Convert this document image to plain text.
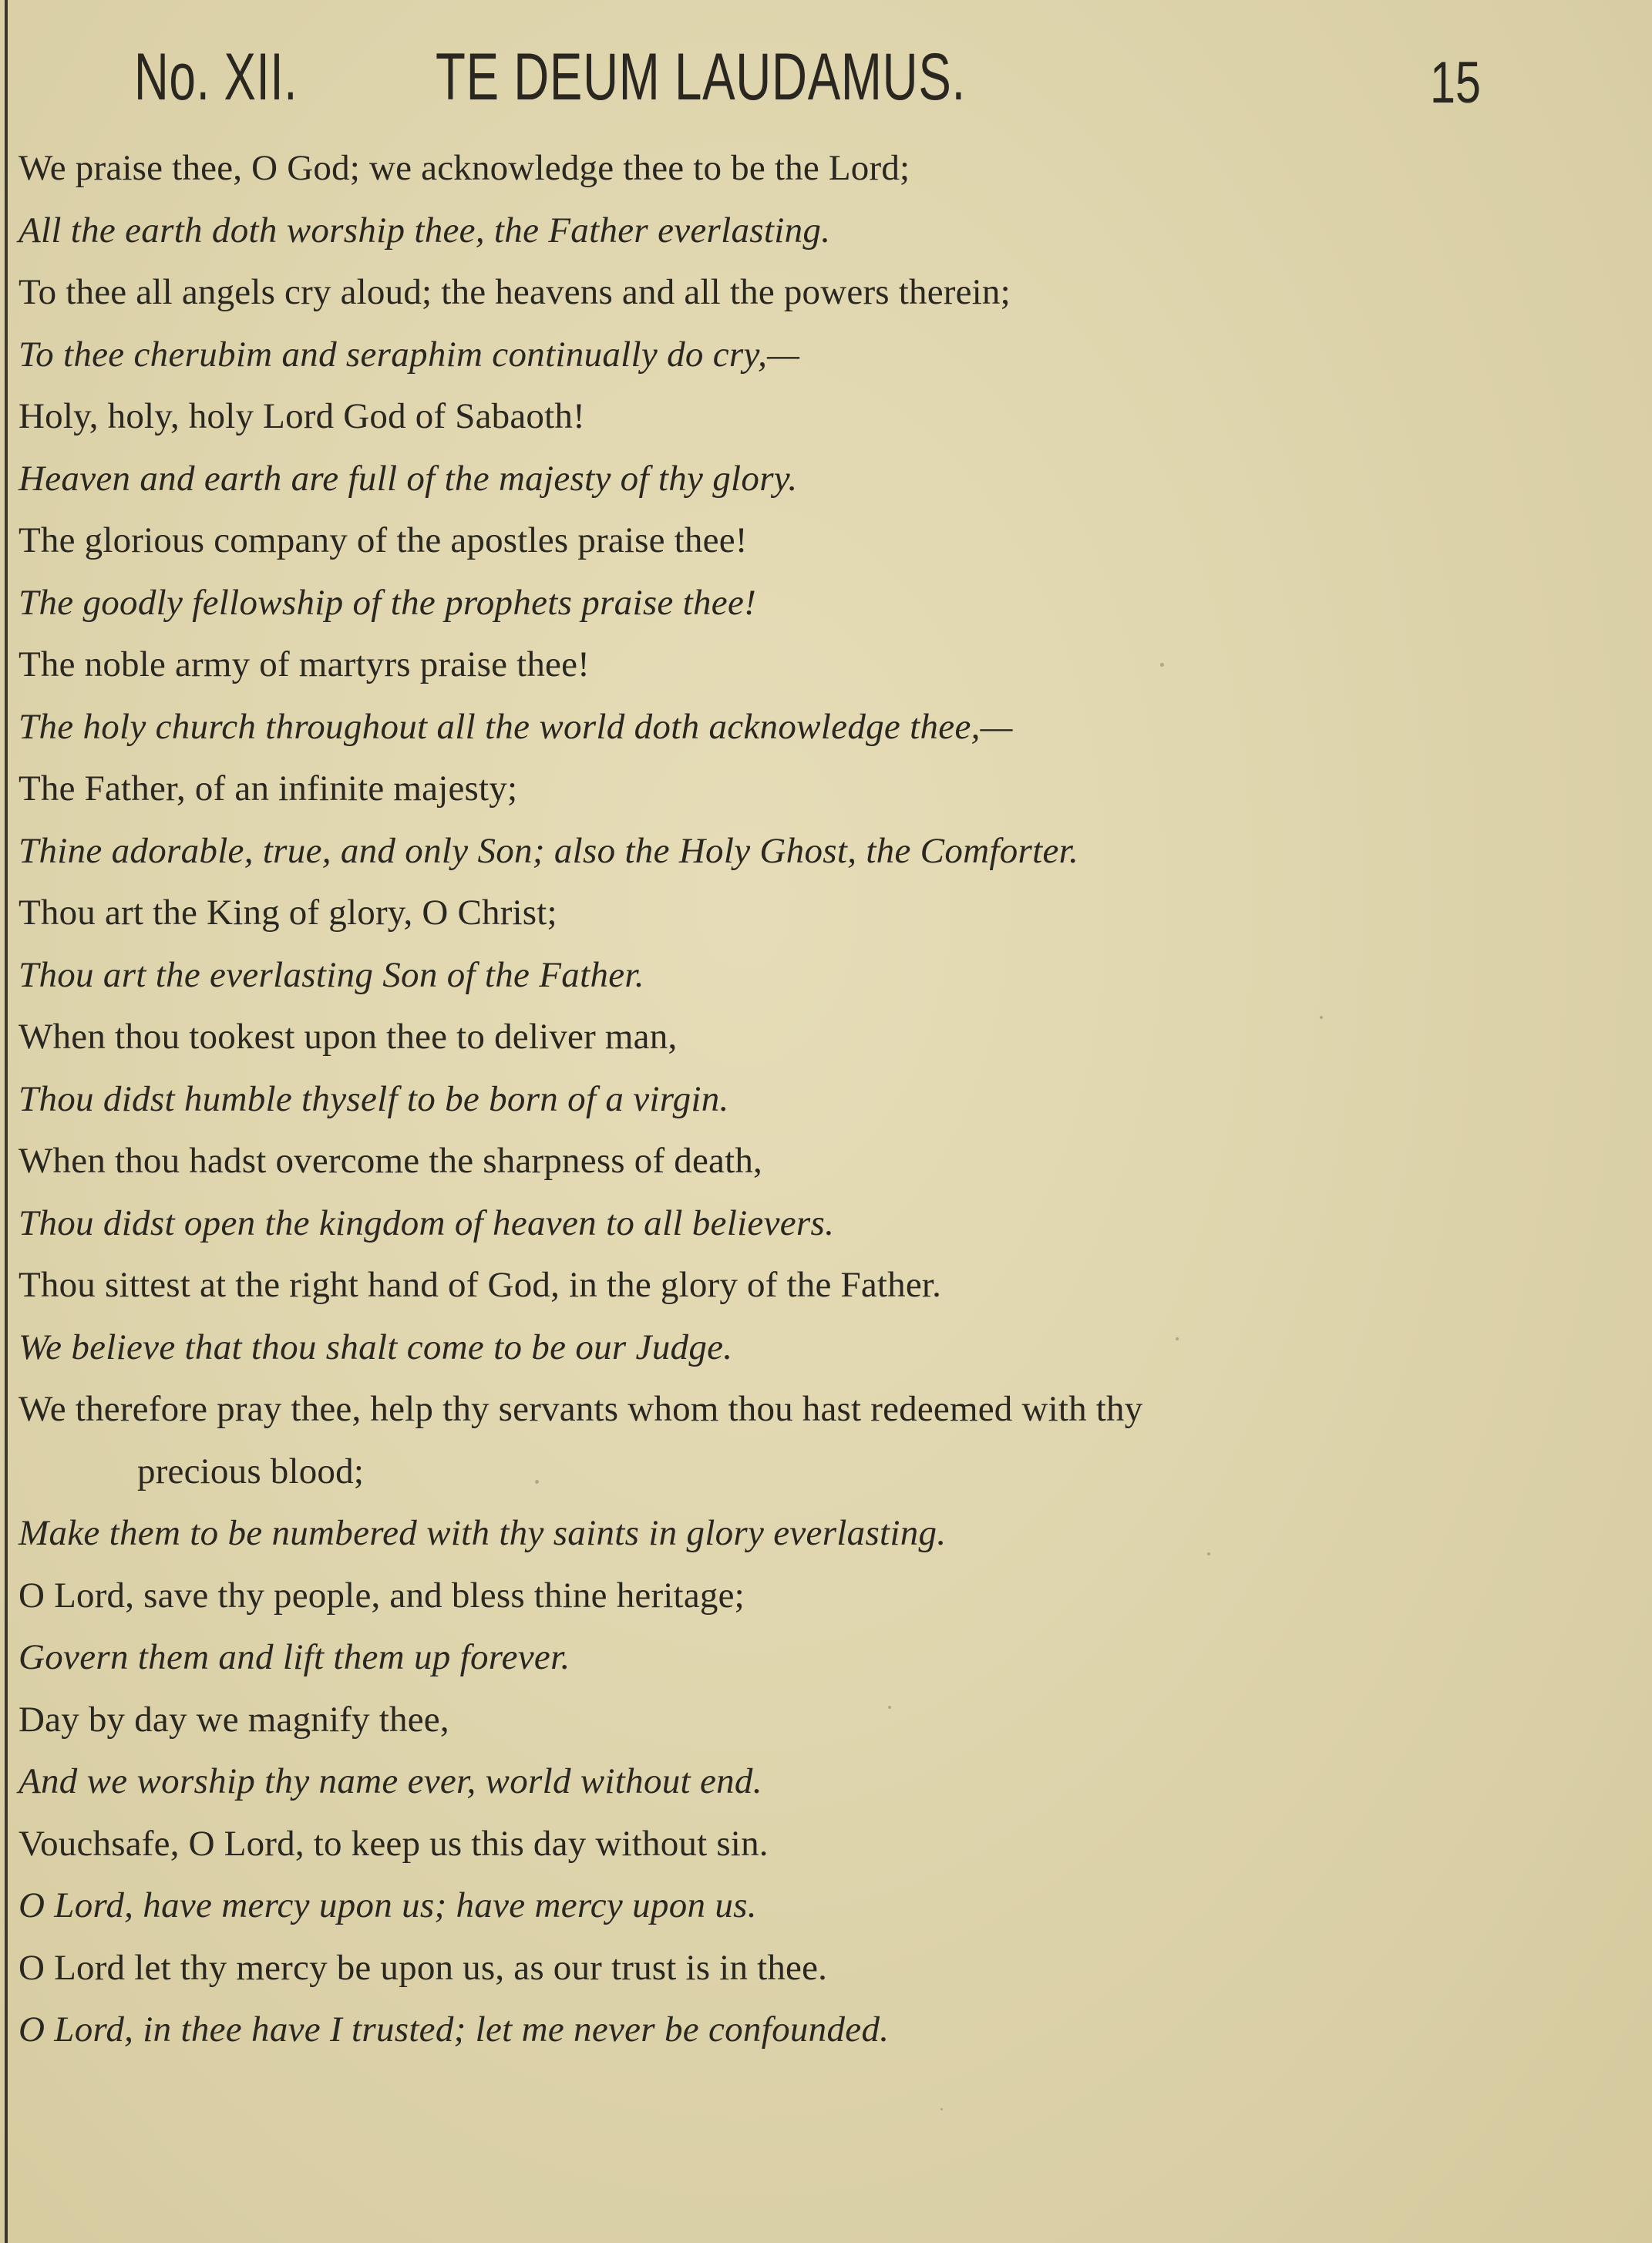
No. XII. TE DEUM LAUDAMUS.	15
We praise thee, O God; we acknowledge thee to be the Lord;
All the earth doth worship thee, the Father everlasting.
To thee all angels cry aloud; the heavens and all the powers therein;
To thee cherubim and seraphim continually do cry,—
Holy, holy, holy Lord God of Sabaoth!
Heaven and earth are full of the majesty of thy glory.
The glorious company of the apostles praise thee!
The goodly fellowship of the prophets praise thee!
The noble army of martyrs praise thee!
The holy church throughout all the world doth acknowledge thee,—
The Father, of an infinite majesty;
Thine adorable, true, and only Son; also the Holy Ghost, the Comforter.
Thou art the King of glory, O Christ;
Thou art the everlasting Son of the Father.
When thou tookest upon thee to deliver man,
Thou didst humble thyself to be born of a virgin.
When thou hadst overcome the sharpness of death,
Thou didst open the kingdom of heaven to all believers.
Thou sittest at the right hand of God, in the glory of the Father.
We believe that thou shalt come to be our Judge.
We therefore pray thee, help thy servants whom thou hast redeemed with thy
precious blood;
Make them to be numbered with thy saints in glory everlasting.
O Lord, save thy people, and bless thine heritage;
Govern them and lift them up forever.
Day by day we magnify thee,
And we worship thy name ever, world without end.
Vouchsafe, O Lord, to keep us this day without sin.
O Lord, have mercy upon us; have mercy upon us.
O Lord let thy mercy be upon us, as our trust is in thee.
O Lord, in thee have I trusted; let me never be confounded.
